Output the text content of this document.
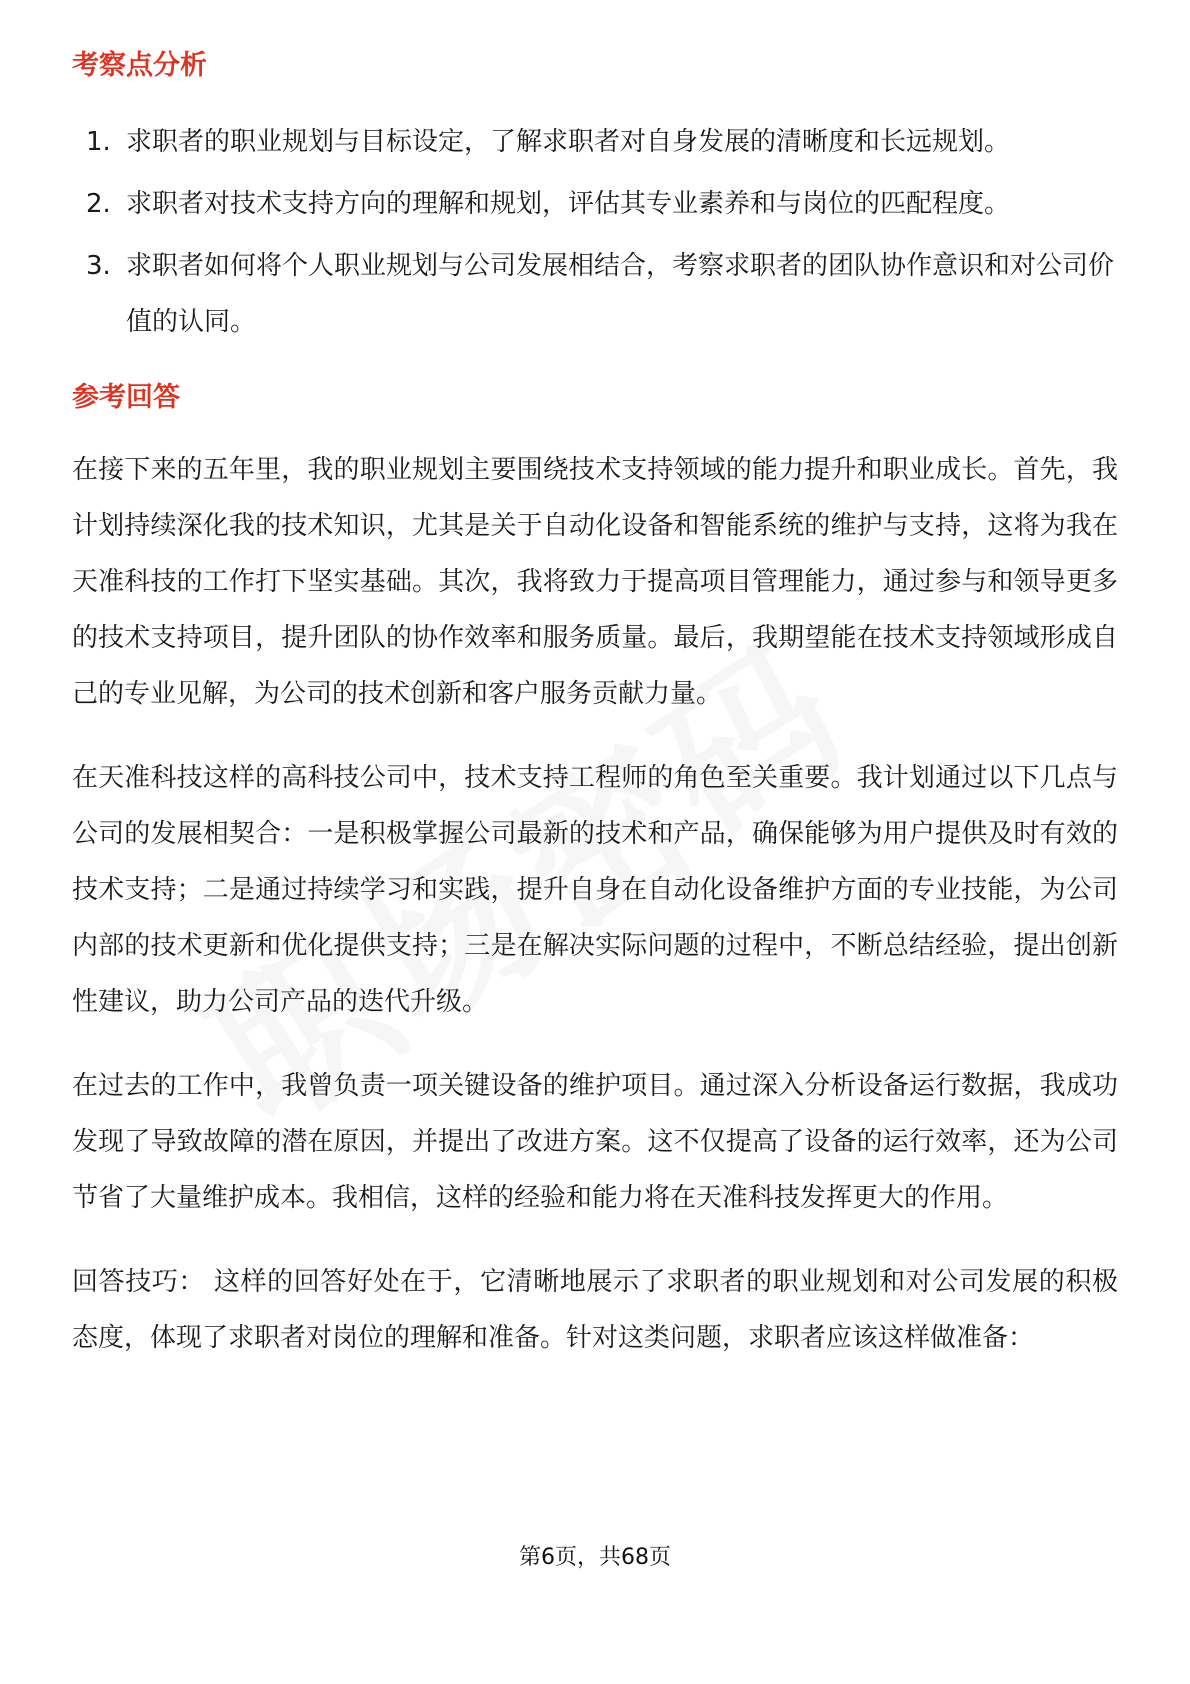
考察点分析
1. 求职者的职业规划与目标设定，了解求职者对自身发展的清晰度和长远规划。
2. 求职者对技术支持方向的理解和规划，评估其专业素养和与岗位的匹配程度。
3. 求职者如何将个人职业规划与公司发展相结合，考察求职者的团队协作意识和对公司价值的认同。
参考回答

在接下来的五年里，我的职业规划主要围绕技术支持领域的能力提升和职业成长。首先，我计划持续深化我的技术知识，尤其是关于自动化设备和智能系统的维护与支持，这将为我在天准科技的工作打下坚实基础。其次，我将致力于提高项目管理能力，通过参与和领导更多的技术支持项目，提升团队的协作效率和服务质量。最后，我期望能在技术支持领域形成自己的专业见解，为公司的技术创新和客户服务贡献力量。

在天准科技这样的高科技公司中，技术支持工程师的角色至关重要。我计划通过以下几点与公司的发展相契合：一是积极掌握公司最新的技术和产品，确保能够为用户提供及时有效的技术支持；二是通过持续学习和实践，提升自身在自动化设备维护方面的专业技能，为公司内部的技术更新和优化提供支持；三是在解决实际问题的过程中，不断总结经验，提出创新性建议，助力公司产品的迭代升级。

在过去的工作中，我曾负责一项关键设备的维护项目。通过深入分析设备运行数据，我成功发现了导致故障的潜在原因，并提出了改进方案。这不仅提高了设备的运行效率，还为公司节省了大量维护成本。我相信，这样的经验和能力将在天准科技发挥更大的作用。

回答技巧： 这样的回答好处在于，它清晰地展示了求职者的职业规划和对公司发展的积极态度，体现了求职者对岗位的理解和准备。针对这类问题，求职者应该这样做准备：

第6页，共68页
